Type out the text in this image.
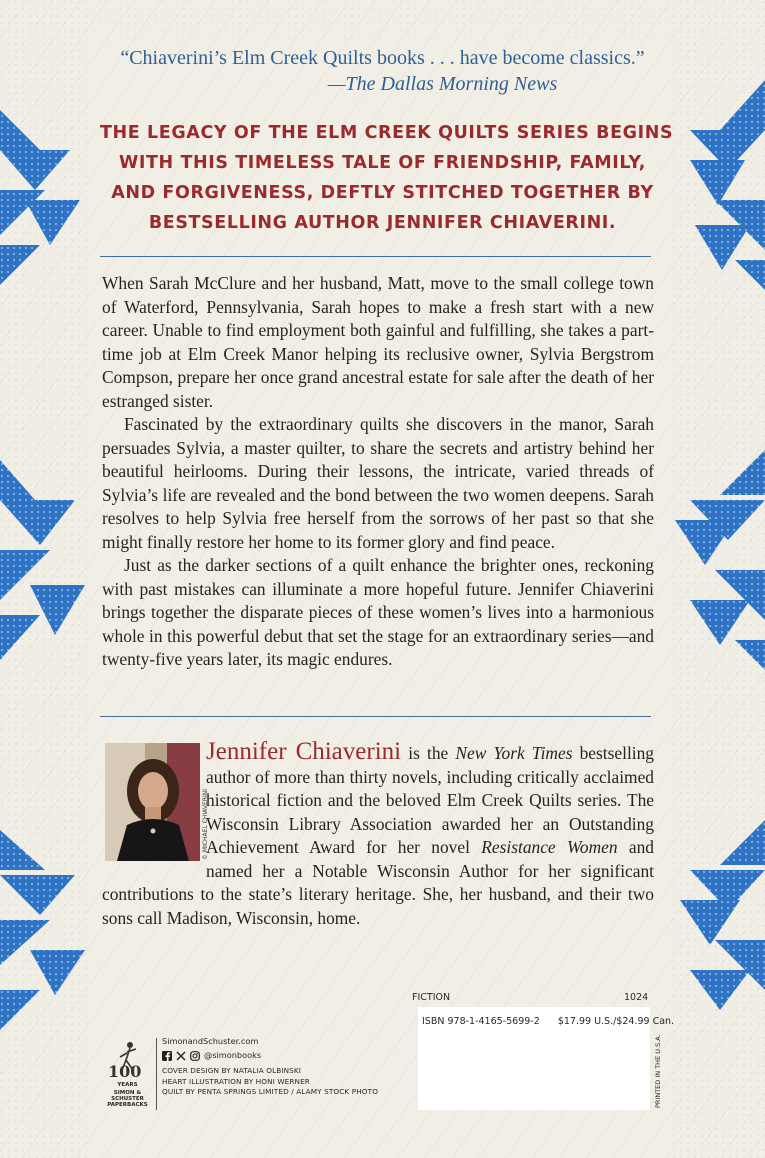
“Chiaverini’s Elm Creek Quilts books . . . have become classics.”
—The Dallas Morning News
THE LEGACY OF THE ELM CREEK QUILTS SERIES BEGINS
WITH THIS TIMELESS TALE OF FRIENDSHIP, FAMILY,
AND FORGIVENESS, DEFTLY STITCHED TOGETHER BY
BESTSELLING AUTHOR JENNIFER CHIAVERINI.

When Sarah McClure and her husband, Matt, move to the small college town of Waterford, Pennsylvania, Sarah hopes to make a fresh start with a new career. Unable to find employment both gainful and fulfilling, she takes a part-time job at Elm Creek Manor helping its reclusive owner, Sylvia Bergstrom Compson, prepare her once grand ancestral estate for sale after the death of her estranged sister.

Fascinated by the extraordinary quilts she discovers in the manor, Sarah persuades Sylvia, a master quilter, to share the secrets and artistry behind her beautiful heirlooms. During their lessons, the intricate, varied threads of Sylvia’s life are revealed and the bond between the two women deepens. Sarah resolves to help Sylvia free herself from the sorrows of her past so that she might finally restore her home to its former glory and find peace.

Just as the darker sections of a quilt enhance the brighter ones, reckoning with past mistakes can illuminate a more hopeful future. Jennifer Chiaverini brings together the disparate pieces of these women’s lives into a harmonious whole in this powerful debut that set the stage for an extraordinary series—and twenty-five years later, its magic endures.

© MICHAEL CHIAVERINI

Jennifer Chiaverini is the New York Times bestselling author of more than thirty novels, including critically acclaimed historical fiction and the beloved Elm Creek Quilts series. The Wisconsin Library Association awarded her an Outstanding Achievement Award for her novel Resistance Women and named her a Notable Wisconsin Author for her significant contributions to the state’s literary heritage. She, her husband, and their two sons call Madison, Wisconsin, home.

FICTION	1024
ISBN 978-1-4165-5699-2 $17.99 U.S./$24.99 Can.
PRINTED IN THE U.S.A.
100
YEARS
SIMON &
SCHUSTER
PAPERBACKS
SimonandSchuster.com
@simonbooks
COVER DESIGN BY NATALIA OLBINSKI
HEART ILLUSTRATION BY HONI WERNER
QUILT BY PENTA SPRINGS LIMITED / ALAMY STOCK PHOTO
